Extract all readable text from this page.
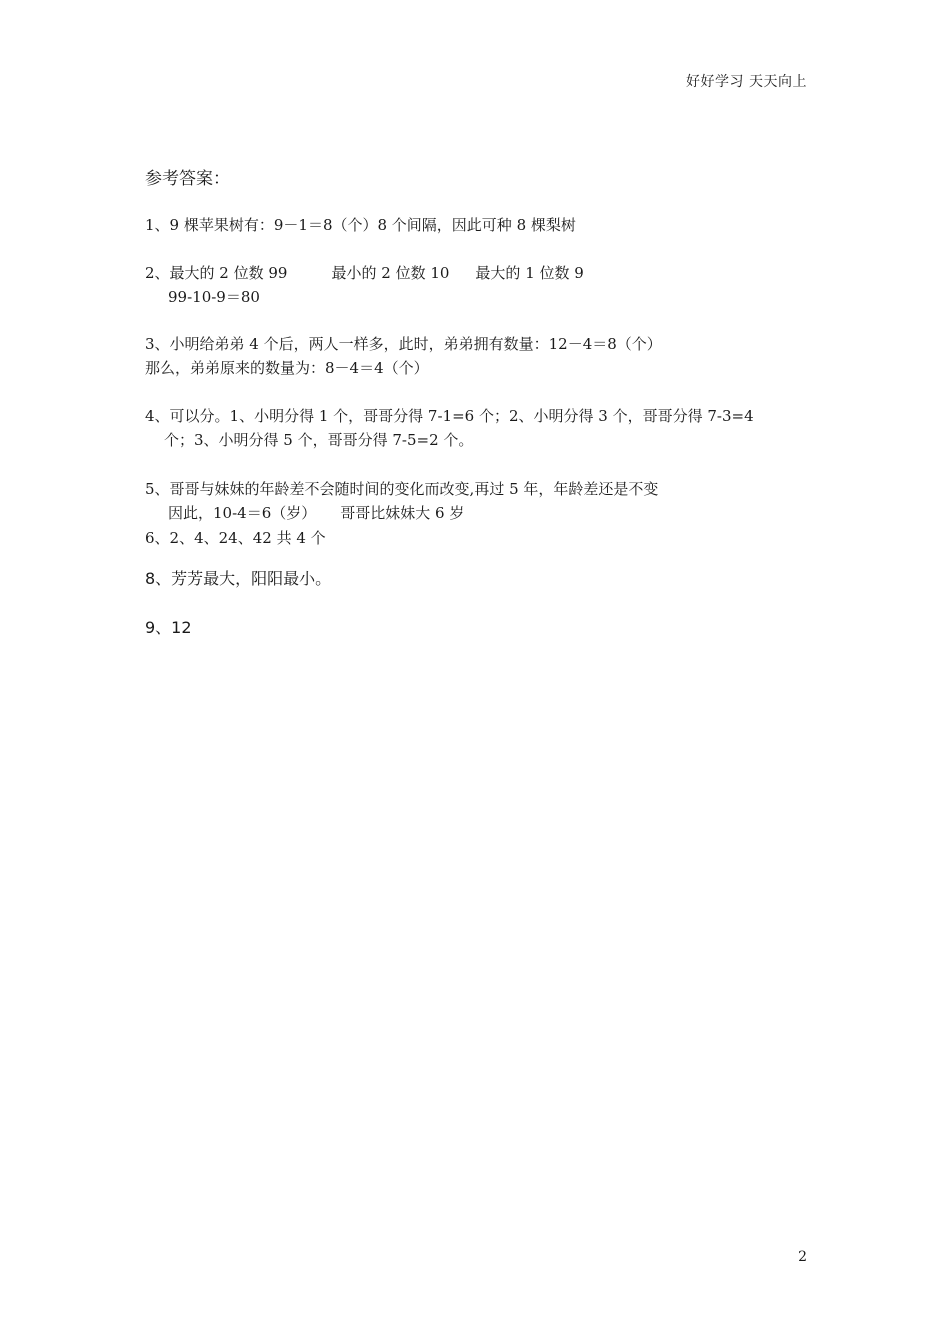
好好学习 天天向上
参考答案：
1、9 棵苹果树有：9－1＝8（个）8 个间隔，因此可种 8 棵梨树
2、最大的 2 位数 99	最小的 2 位数 10 最大的 1 位数 9
99-10-9＝80
3、小明给弟弟 4 个后，两人一样多，此时，弟弟拥有数量：12－4＝8（个）
那么，弟弟原来的数量为：8－4＝4（个）
4、可以分。1、小明分得 1 个，哥哥分得 7-1=6 个；2、小明分得 3 个，哥哥分得 7-3=4
个；3、小明分得 5 个，哥哥分得 7-5=2 个。
5、哥哥与妹妹的年龄差不会随时间的变化而改变,再过 5 年，年龄差还是不变
因此，10-4＝6（岁） 哥哥比妹妹大 6 岁
6、2、4、24、42 共 4 个
8、芳芳最大，阳阳最小。
9、12
2
